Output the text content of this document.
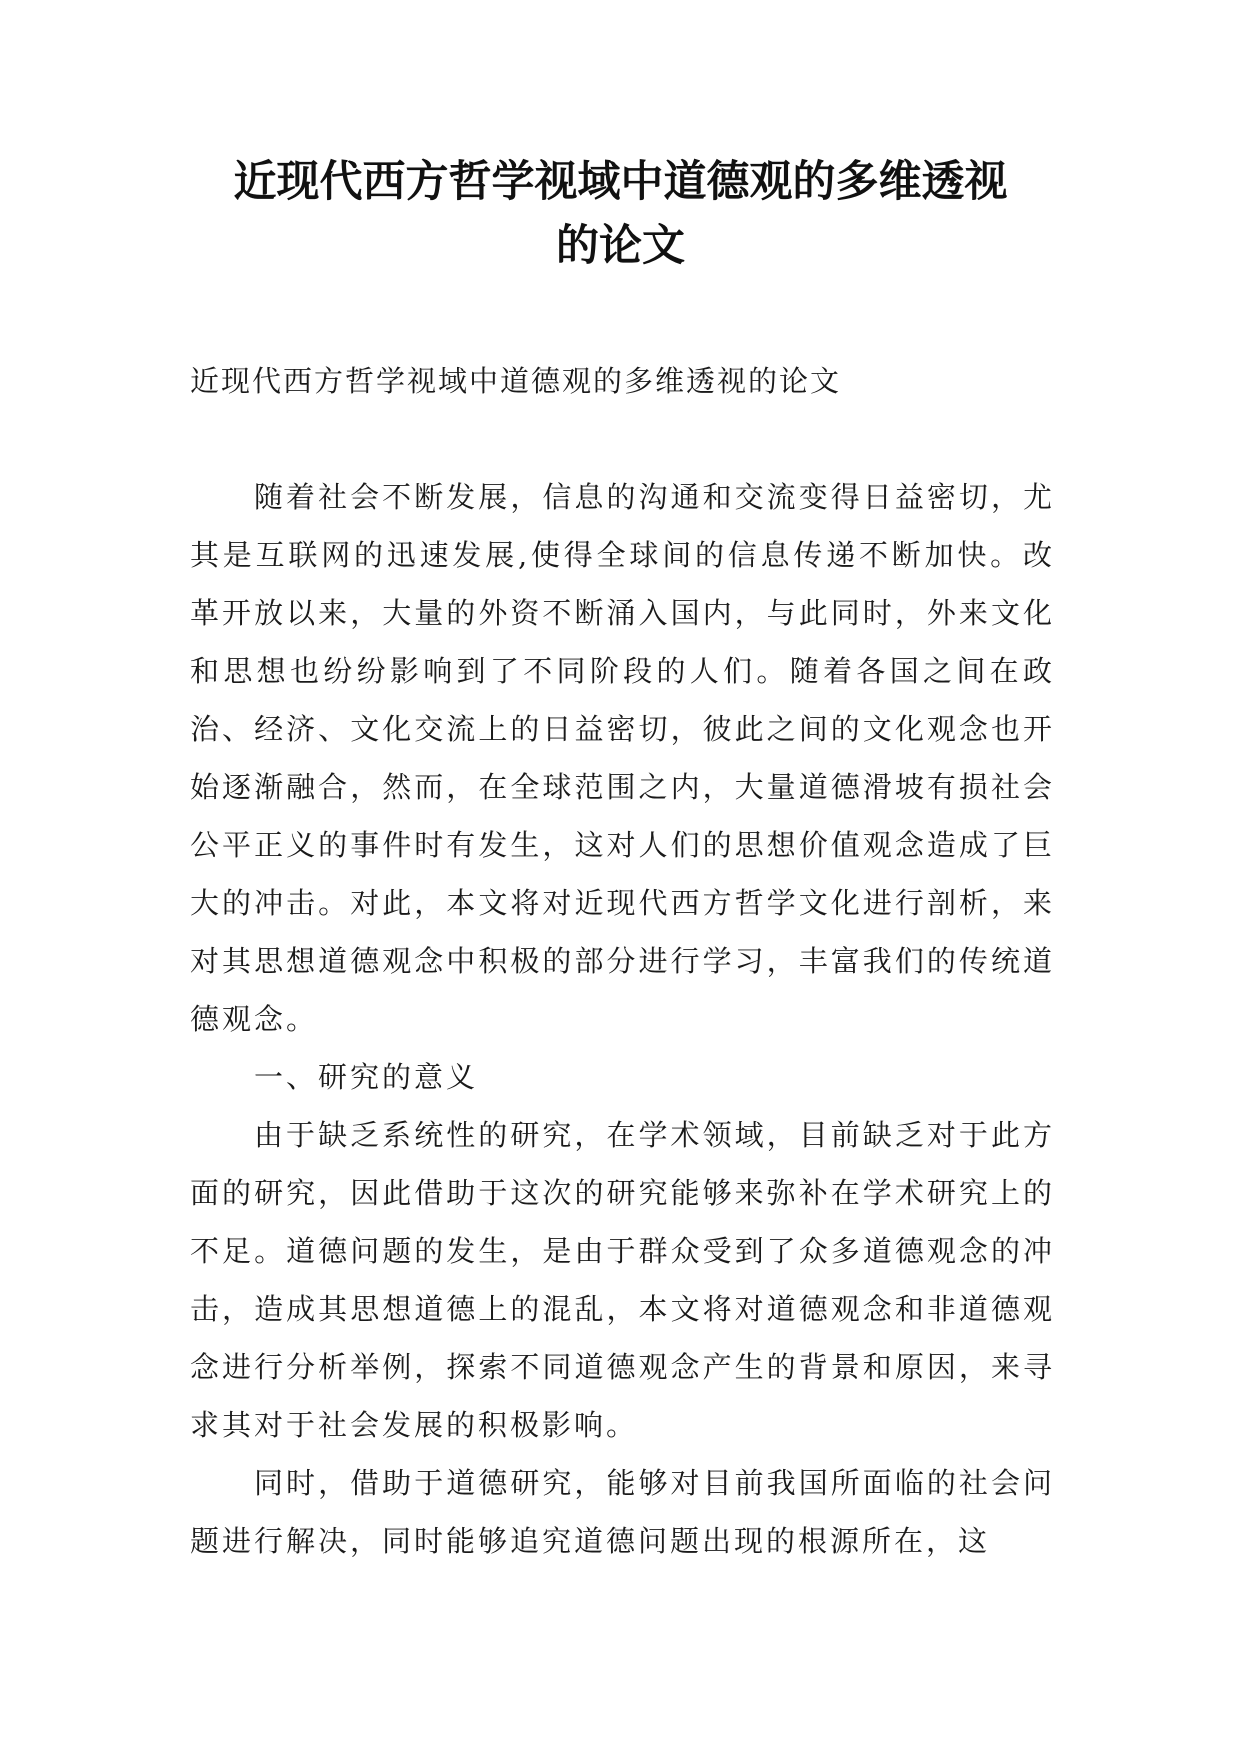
近现代西方哲学视域中道德观的多维透视
的论文

近现代西方哲学视域中道德观的多维透视的论文

随着社会不断发展，信息的沟通和交流变得日益密切，尤其是互联网的迅速发展,使得全球间的信息传递不断加快。改革开放以来，大量的外资不断涌入国内，与此同时，外来文化和思想也纷纷影响到了不同阶段的人们。随着各国之间在政治、经济、文化交流上的日益密切，彼此之间的文化观念也开始逐渐融合，然而，在全球范围之内，大量道德滑坡有损社会公平正义的事件时有发生，这对人们的思想价值观念造成了巨大的冲击。对此，本文将对近现代西方哲学文化进行剖析，来对其思想道德观念中积极的部分进行学习，丰富我们的传统道德观念。

一、研究的意义

由于缺乏系统性的研究，在学术领域，目前缺乏对于此方面的研究，因此借助于这次的研究能够来弥补在学术研究上的不足。道德问题的发生，是由于群众受到了众多道德观念的冲击，造成其思想道德上的混乱，本文将对道德观念和非道德观念进行分析举例，探索不同道德观念产生的背景和原因，来寻求其对于社会发展的积极影响。

同时，借助于道德研究，能够对目前我国所面临的社会问题进行解决，同时能够追究道德问题出现的根源所在，这
